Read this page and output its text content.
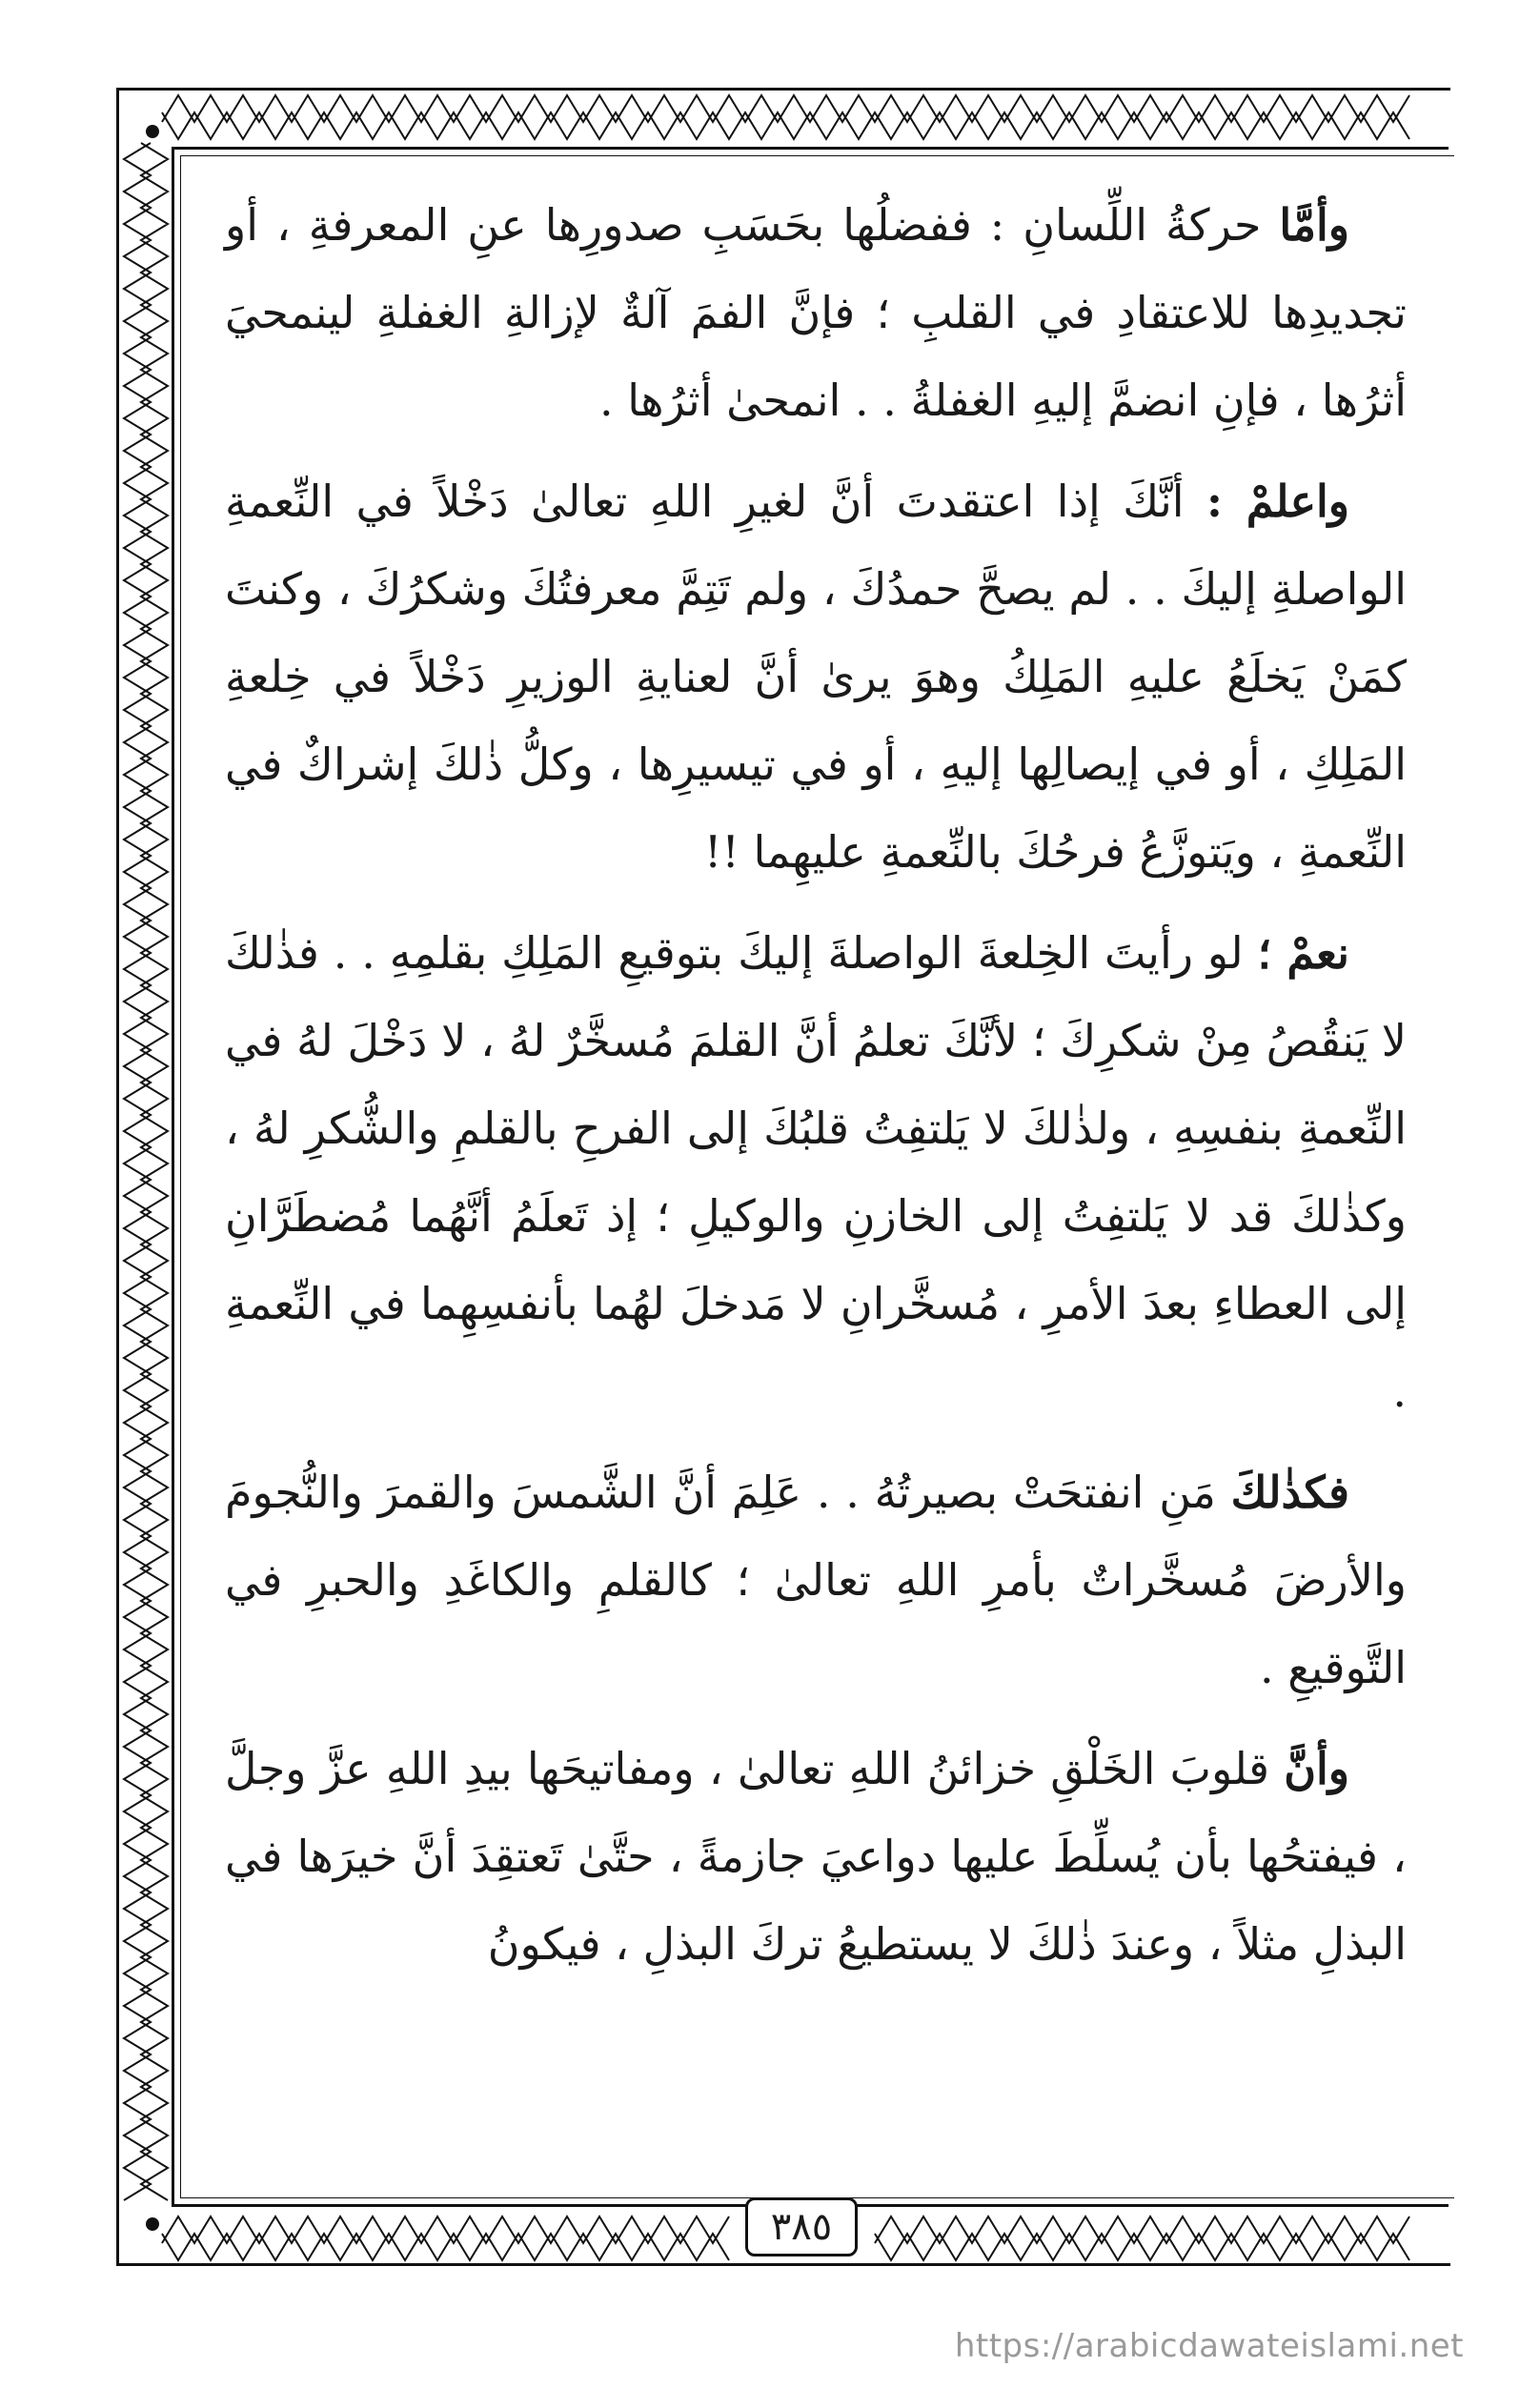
وأمَّا حركةُ اللِّسانِ : ففضلُها بحَسَبِ صدورِها عنِ المعرفةِ ، أو تجديدِها للاعتقادِ في القلبِ ؛ فإنَّ الفمَ آلةٌ لإزالةِ الغفلةِ لينمحيَ أثرُها ، فإنِ انضمَّ إليهِ الغفلةُ . . انمحىٰ أثرُها .

واعلمْ : أنَّكَ إذا اعتقدتَ أنَّ لغيرِ اللهِ تعالىٰ دَخْلاً في النِّعمةِ الواصلةِ إليكَ . . لم يصحَّ حمدُكَ ، ولم تَتِمَّ معرفتُكَ وشكرُكَ ، وكنتَ كمَنْ يَخلَعُ عليهِ المَلِكُ وهوَ يرىٰ أنَّ لعنايةِ الوزيرِ دَخْلاً في خِلعةِ المَلِكِ ، أو في إيصالِها إليهِ ، أو في تيسيرِها ، وكلُّ ذٰلكَ إشراكٌ في النِّعمةِ ، ويَتوزَّعُ فرحُكَ بالنِّعمةِ عليهِما !!

نعمْ ؛ لو رأيتَ الخِلعةَ الواصلةَ إليكَ بتوقيعِ المَلِكِ بقلمِهِ . . فذٰلكَ لا يَنقُصُ مِنْ شكرِكَ ؛ لأنَّكَ تعلمُ أنَّ القلمَ مُسخَّرٌ لهُ ، لا دَخْلَ لهُ في النِّعمةِ بنفسِهِ ، ولذٰلكَ لا يَلتفِتُ قلبُكَ إلى الفرحِ بالقلمِ والشُّكرِ لهُ ، وكذٰلكَ قد لا يَلتفِتُ إلى الخازنِ والوكيلِ ؛ إذ تَعلَمُ أنَّهُما مُضطَرَّانِ إلى العطاءِ بعدَ الأمرِ ، مُسخَّرانِ لا مَدخلَ لهُما بأنفسِهِما في النِّعمةِ .

فكذٰلكَ مَنِ انفتحَتْ بصيرتُهُ . . عَلِمَ أنَّ الشَّمسَ والقمرَ والنُّجومَ والأرضَ مُسخَّراتٌ بأمرِ اللهِ تعالىٰ ؛ كالقلمِ والكاغَدِ والحبرِ في التَّوقيعِ .

وأنَّ قلوبَ الخَلْقِ خزائنُ اللهِ تعالىٰ ، ومفاتيحَها بيدِ اللهِ عزَّ وجلَّ ، فيفتحُها بأن يُسلِّطَ عليها دواعيَ جازمةً ، حتَّىٰ تَعتقِدَ أنَّ خيرَها في البذلِ مثلاً ، وعندَ ذٰلكَ لا يستطيعُ تركَ البذلِ ، فيكونُ

٣٨٥
https://arabicdawateislami.net
